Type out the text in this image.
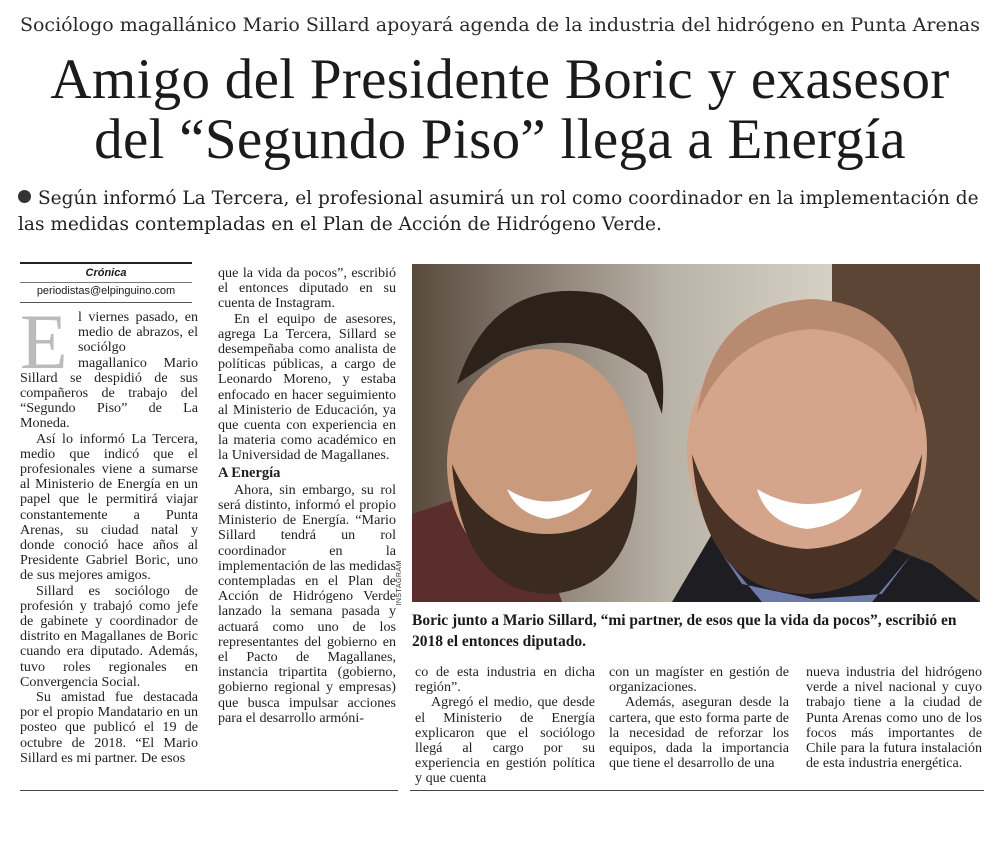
Sociólogo magallánico Mario Sillard apoyará agenda de la industria del hidrógeno en Punta Arenas
Amigo del Presidente Boric y exasesor
del “Segundo Piso” llega a Energía
Según informó La Tercera, el profesional asumirá un rol como coordinador en la implementación de las medidas contempladas en el Plan de Acción de Hidrógeno Verde.
Crónica
periodistas@elpinguino.com
E l viernes pasado, en medio de abrazos, el sociólgo magallanico Mario Sillard se despidió de sus compañeros de trabajo del “Segundo Piso” de La Moneda.

Así lo informó La Tercera, medio que indicó que el profesionales viene a sumarse al Ministerio de Energía en un papel que le permitirá viajar constantemente a Punta Arenas, su ciudad natal y donde conoció hace años al Presidente Gabriel Boric, uno de sus mejores amigos.

Sillard es sociólogo de profesión y trabajó como jefe de gabinete y coordinador de distrito en Magallanes de Boric cuando era diputado. Además, tuvo roles regionales en Convergencia Social.

Su amistad fue destacada por el propio Mandatario en un posteo que publicó el 19 de octubre de 2018. “El Mario Sillard es mi partner. De esos

que la vida da pocos”, escribió el entonces diputado en su cuenta de Instagram.

En el equipo de asesores, agrega La Tercera, Sillard se desempeñaba como analista de políticas públicas, a cargo de Leonardo Moreno, y estaba enfocado en hacer seguimiento al Ministerio de Educación, ya que cuenta con experiencia en la materia como académico en la Universidad de Magallanes.

A Energía

Ahora, sin embargo, su rol será distinto, informó el propio Ministerio de Energía. “Mario Sillard tendrá un rol coordinador en la implementación de las medidas contempladas en el Plan de Acción de Hidrógeno Verde lanzado la semana pasada y actuará como uno de los representantes del gobierno en el Pacto de Magallanes, instancia tripartita (gobierno, gobierno regional y empresas) que busca impulsar acciones para el desarrollo armóni-

INSTAGRAM
Boric junto a Mario Sillard, “mi partner, de esos que la vida da pocos”, escribió en 2018 el entonces diputado.

co de esta industria en dicha región”.

Agregó el medio, que desde el Ministerio de Energía explicaron que el sociólogo llegá al cargo por su experiencia en gestión política y que cuenta

con un magíster en gestión de organizaciones.

Además, aseguran desde la cartera, que esto forma parte de la necesidad de reforzar los equipos, dada la importancia que tiene el desarrollo de una

nueva industria del hidrógeno verde a nivel nacional y cuyo trabajo tiene a la ciudad de Punta Arenas como uno de los focos más importantes de Chile para la futura instalación de esta industria energética.
